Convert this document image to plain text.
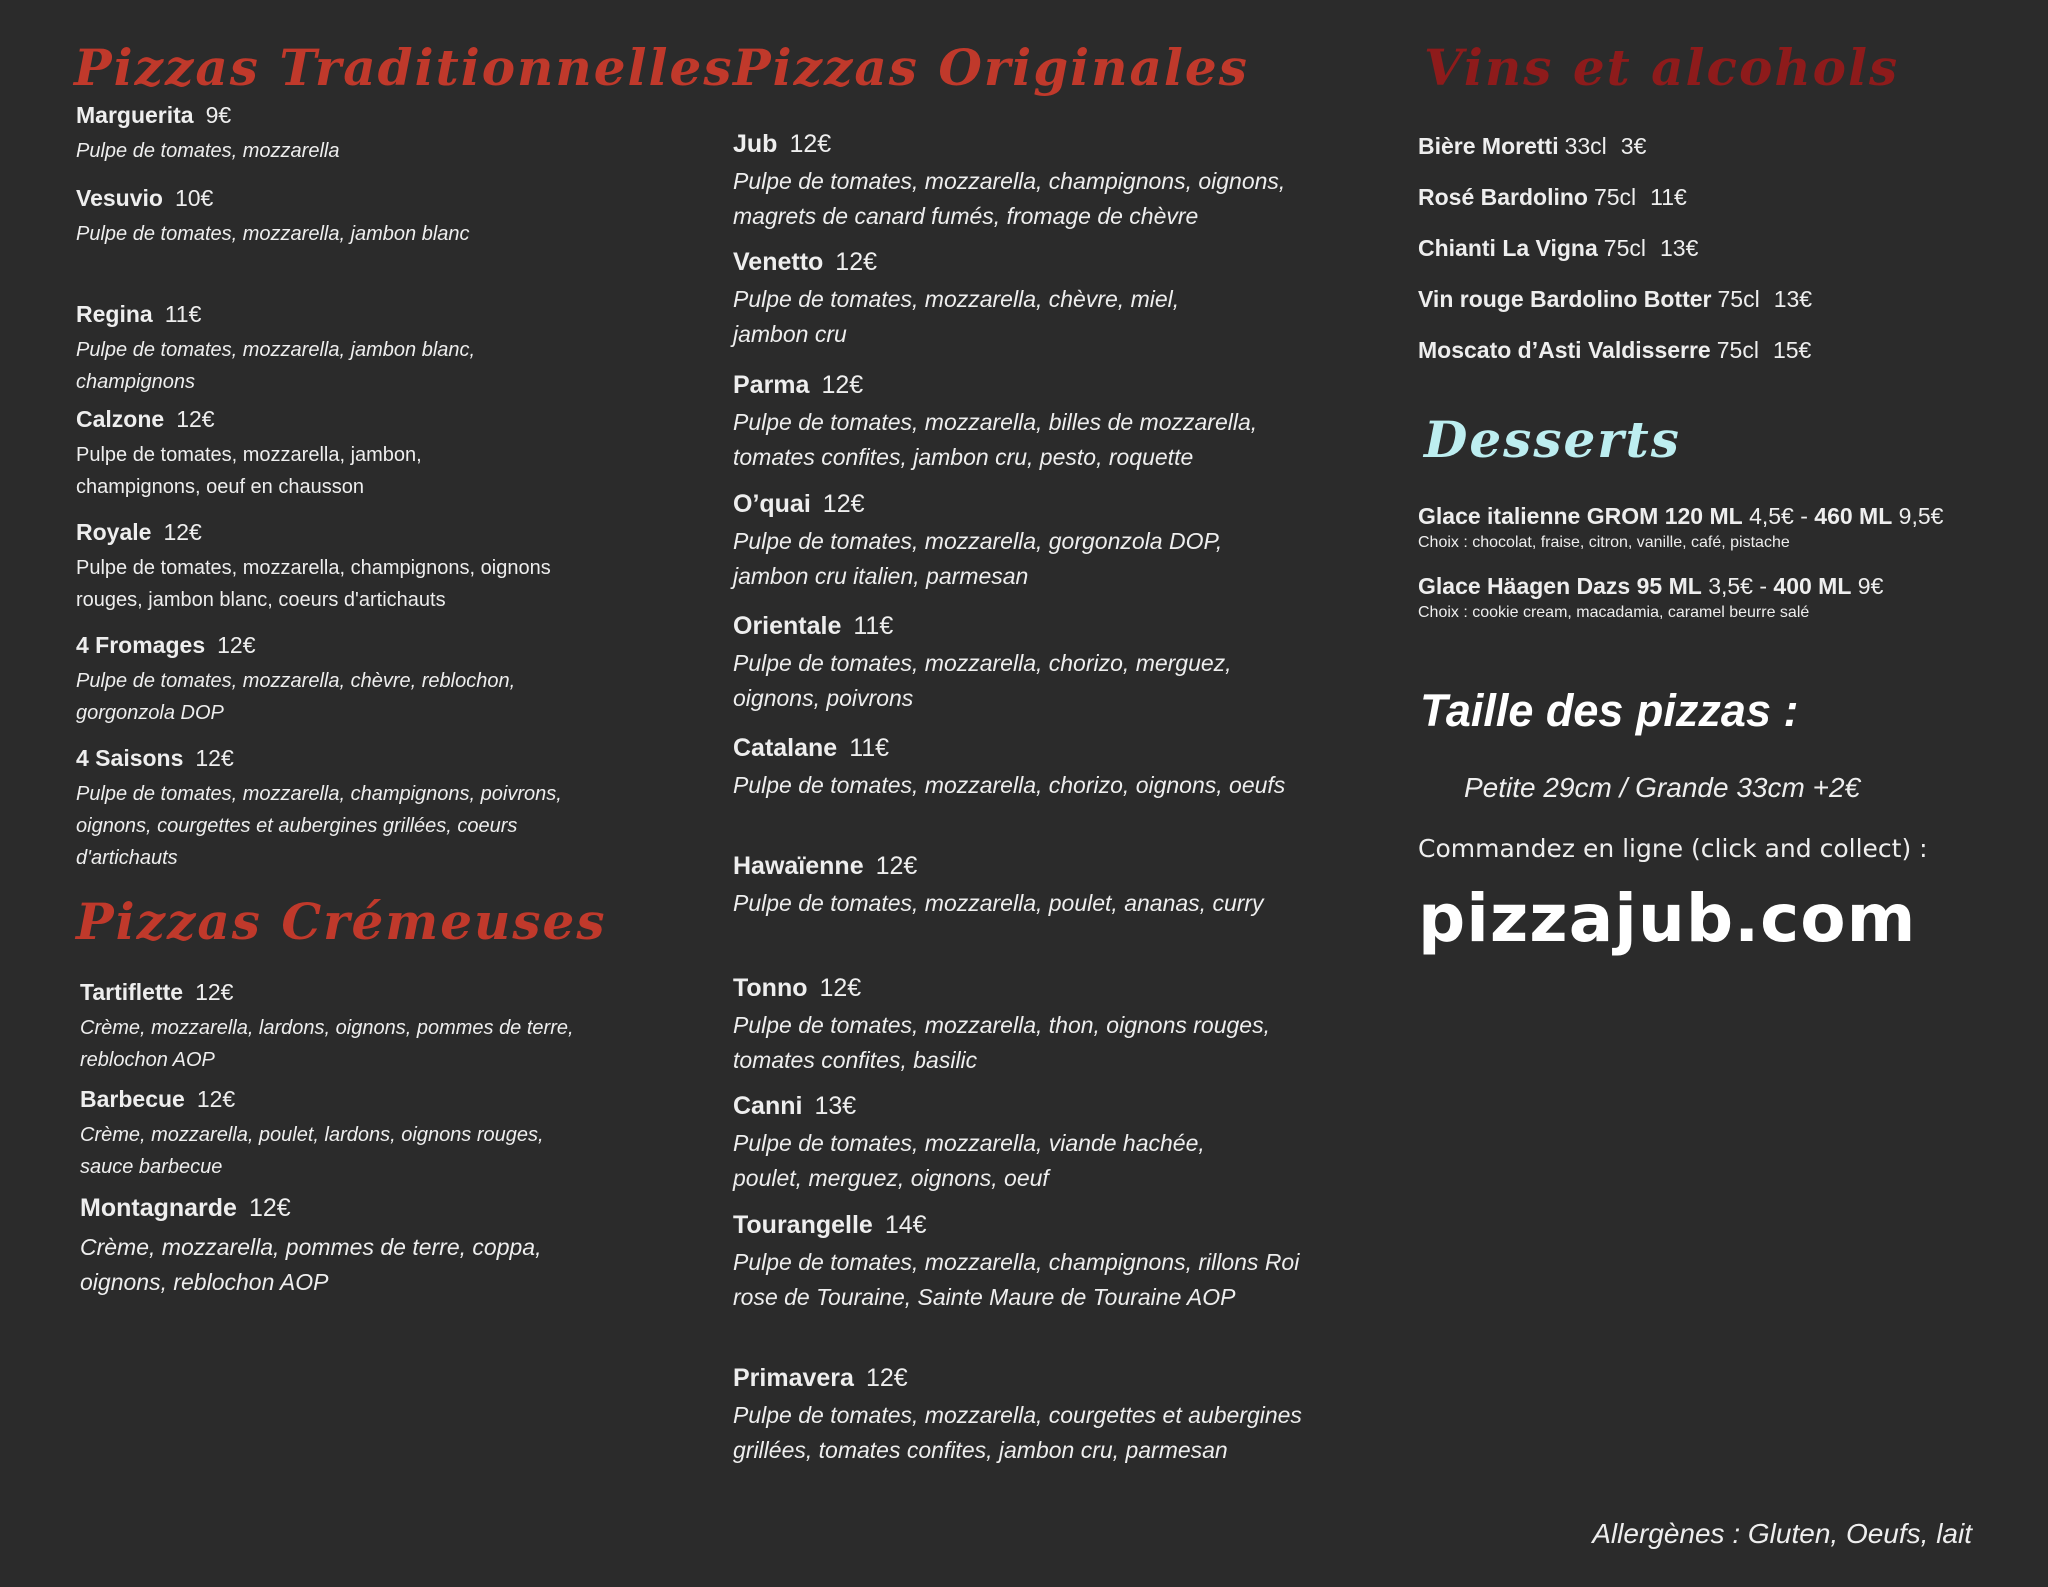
Pizzas Traditionnelles
Marguerita 9€
Pulpe de tomates, mozzarella
Vesuvio 10€
Pulpe de tomates, mozzarella, jambon blanc
Regina 11€
Pulpe de tomates, mozzarella, jambon blanc, champignons
Calzone 12€
Pulpe de tomates, mozzarella, jambon, champignons, oeuf en chausson
Royale 12€
Pulpe de tomates, mozzarella, champignons, oignons rouges, jambon blanc, coeurs d'artichauts
4 Fromages 12€
Pulpe de tomates, mozzarella, chèvre, reblochon, gorgonzola DOP
4 Saisons 12€
Pulpe de tomates, mozzarella, champignons, poivrons, oignons, courgettes et aubergines grillées, coeurs d'artichauts
Pizzas Crémeuses
Tartiflette 12€
Crème, mozzarella, lardons, oignons, pommes de terre, reblochon AOP
Barbecue 12€
Crème, mozzarella, poulet, lardons, oignons rouges, sauce barbecue
Montagnarde 12€
Crème, mozzarella, pommes de terre, coppa, oignons, reblochon AOP
Pizzas Originales
Jub 12€
Pulpe de tomates, mozzarella, champignons, oignons, magrets de canard fumés, fromage de chèvre
Venetto 12€
Pulpe de tomates, mozzarella, chèvre, miel, jambon cru
Parma 12€
Pulpe de tomates, mozzarella, billes de mozzarella, tomates confites, jambon cru, pesto, roquette
O’quai 12€
Pulpe de tomates, mozzarella, gorgonzola DOP, jambon cru italien, parmesan
Orientale 11€
Pulpe de tomates, mozzarella, chorizo, merguez, oignons, poivrons
Catalane 11€
Pulpe de tomates, mozzarella, chorizo, oignons, oeufs
Hawaïenne 12€
Pulpe de tomates, mozzarella, poulet, ananas, curry
Tonno 12€
Pulpe de tomates, mozzarella, thon, oignons rouges, tomates confites, basilic
Canni 13€
Pulpe de tomates, mozzarella, viande hachée, poulet, merguez, oignons, oeuf
Tourangelle 14€
Pulpe de tomates, mozzarella, champignons, rillons Roi rose de Touraine, Sainte Maure de Touraine AOP
Primavera 12€
Pulpe de tomates, mozzarella, courgettes et aubergines grillées, tomates confites, jambon cru, parmesan
Vins et alcohols
Bière Moretti 33cl 3€
Rosé Bardolino 75cl 11€
Chianti La Vigna 75cl 13€
Vin rouge Bardolino Botter 75cl 13€
Moscato d’Asti Valdisserre 75cl 15€
Desserts
Glace italienne GROM 120 ML 4,5€ - 460 ML 9,5€
Choix : chocolat, fraise, citron, vanille, café, pistache
Glace Häagen Dazs 95 ML 3,5€ - 400 ML 9€
Choix : cookie cream, macadamia, caramel beurre salé
Taille des pizzas :
Petite 29cm / Grande 33cm +2€
Commandez en ligne (click and collect) :
pizzajub.com
Allergènes : Gluten, Oeufs, lait
